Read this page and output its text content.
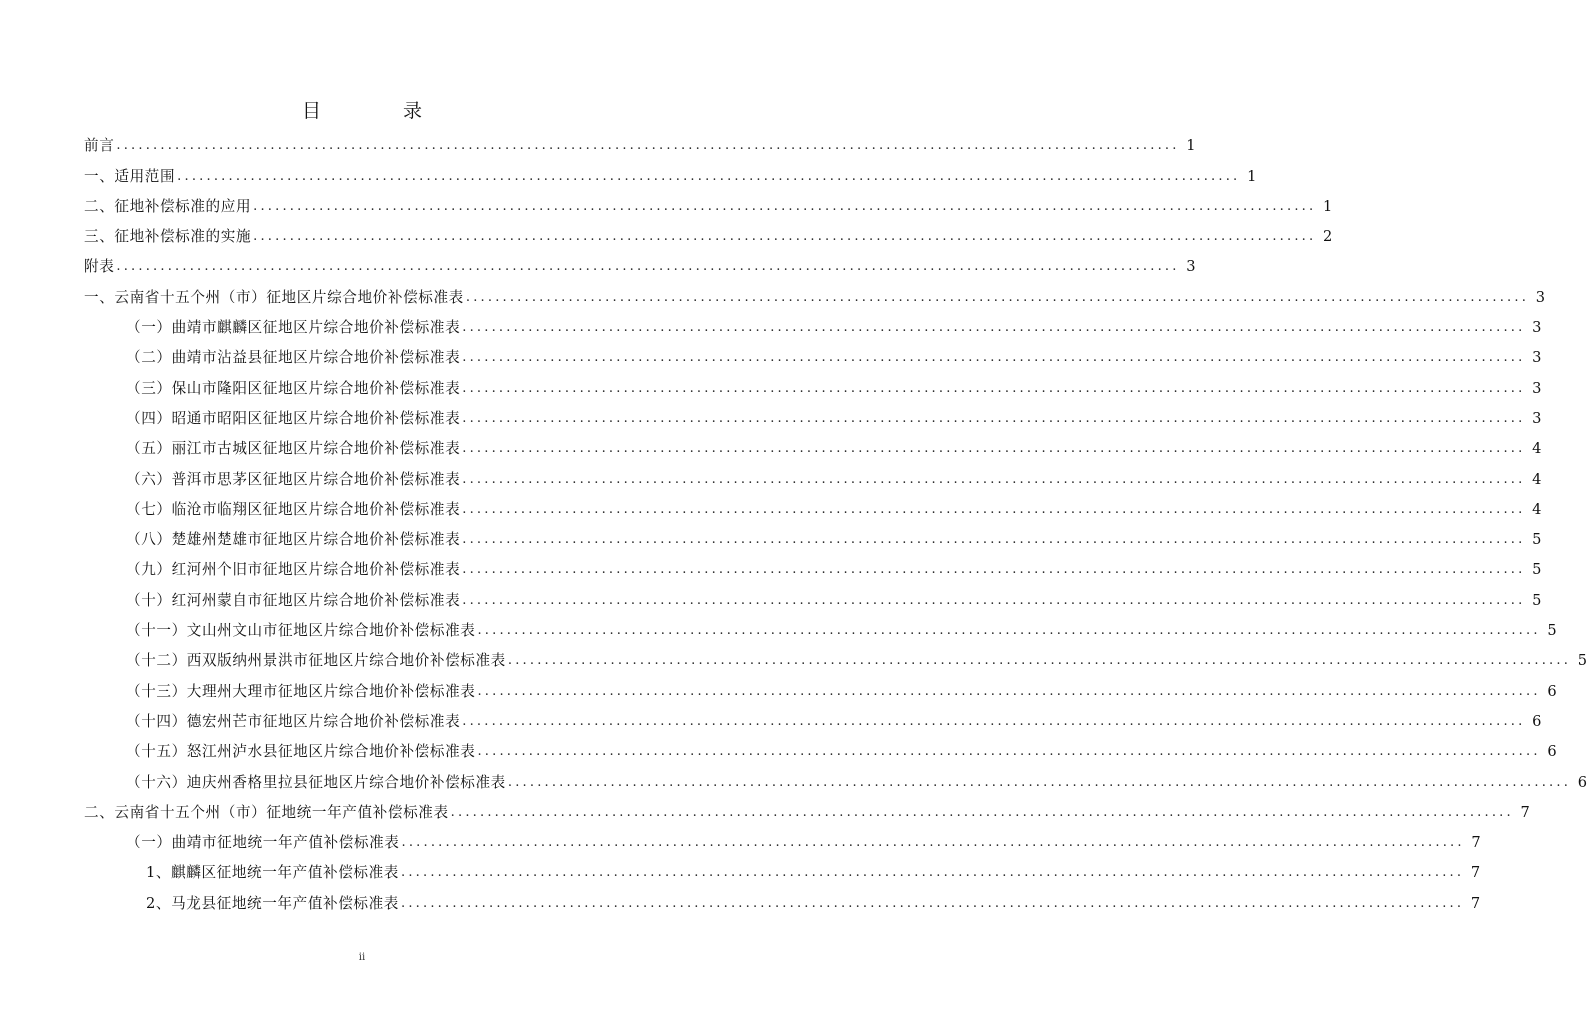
目 录
前言 ................................................................................................................................................. 1
一、适用范围 ................................................................................................................................................. 1
二、征地补偿标准的应用 ................................................................................................................................................. 1
三、征地补偿标准的实施 ................................................................................................................................................. 2
附表 ................................................................................................................................................. 3
一、云南省十五个州（市）征地区片综合地价补偿标准表 ................................................................................................................................................. 3
（一）曲靖市麒麟区征地区片综合地价补偿标准表 ................................................................................................................................................. 3
（二）曲靖市沾益县征地区片综合地价补偿标准表 ................................................................................................................................................. 3
（三）保山市隆阳区征地区片综合地价补偿标准表 ................................................................................................................................................. 3
（四）昭通市昭阳区征地区片综合地价补偿标准表 ................................................................................................................................................. 3
（五）丽江市古城区征地区片综合地价补偿标准表 ................................................................................................................................................. 4
（六）普洱市思茅区征地区片综合地价补偿标准表 ................................................................................................................................................. 4
（七）临沧市临翔区征地区片综合地价补偿标准表 ................................................................................................................................................. 4
（八）楚雄州楚雄市征地区片综合地价补偿标准表 ................................................................................................................................................. 5
（九）红河州个旧市征地区片综合地价补偿标准表 ................................................................................................................................................. 5
（十）红河州蒙自市征地区片综合地价补偿标准表 ................................................................................................................................................. 5
（十一）文山州文山市征地区片综合地价补偿标准表 ................................................................................................................................................. 5
（十二）西双版纳州景洪市征地区片综合地价补偿标准表 ................................................................................................................................................. 5
（十三）大理州大理市征地区片综合地价补偿标准表 ................................................................................................................................................. 6
（十四）德宏州芒市征地区片综合地价补偿标准表 ................................................................................................................................................. 6
（十五）怒江州泸水县征地区片综合地价补偿标准表 ................................................................................................................................................. 6
（十六）迪庆州香格里拉县征地区片综合地价补偿标准表 ................................................................................................................................................. 6
二、云南省十五个州（市）征地统一年产值补偿标准表 ................................................................................................................................................. 7
（一）曲靖市征地统一年产值补偿标准表 ................................................................................................................................................. 7
1、麒麟区征地统一年产值补偿标准表 ................................................................................................................................................. 7
2、马龙县征地统一年产值补偿标准表 ................................................................................................................................................. 7
ii
